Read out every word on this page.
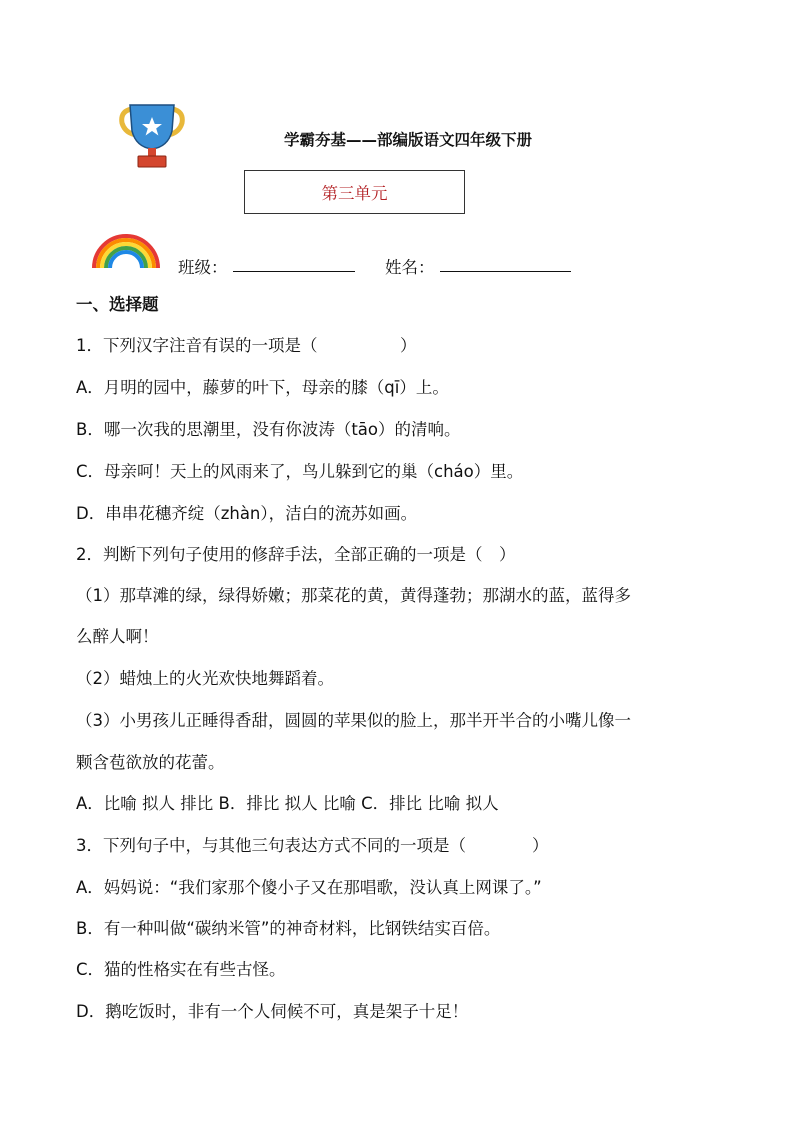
学霸夯基——部编版语文四年级下册
第三单元
班级：	姓名：
一、选择题
1．下列汉字注音有误的一项是（　　　　　）
A．月明的园中，藤萝的叶下，母亲的膝（qī）上。
B．哪一次我的思潮里，没有你波涛（tāo）的清响。
C．母亲呵！天上的风雨来了，鸟儿躲到它的巢（cháo）里。
D．串串花穗齐绽（zhàn），洁白的流苏如画。
2．判断下列句子使用的修辞手法，全部正确的一项是（　）
（1）那草滩的绿，绿得娇嫩；那菜花的黄，黄得蓬勃；那湖水的蓝，蓝得多
么醉人啊！
（2）蜡烛上的火光欢快地舞蹈着。
（3）小男孩儿正睡得香甜，圆圆的苹果似的脸上，那半开半合的小嘴儿像一
颗含苞欲放的花蕾。
A．比喻 拟人 排比 B．排比 拟人 比喻 C．排比 比喻 拟人
3．下列句子中，与其他三句表达方式不同的一项是（　　　　）
A．妈妈说：“我们家那个傻小子又在那唱歌，没认真上网课了。”
B．有一种叫做“碳纳米管”的神奇材料，比钢铁结实百倍。
C．猫的性格实在有些古怪。
D．鹅吃饭时，非有一个人伺候不可，真是架子十足！
